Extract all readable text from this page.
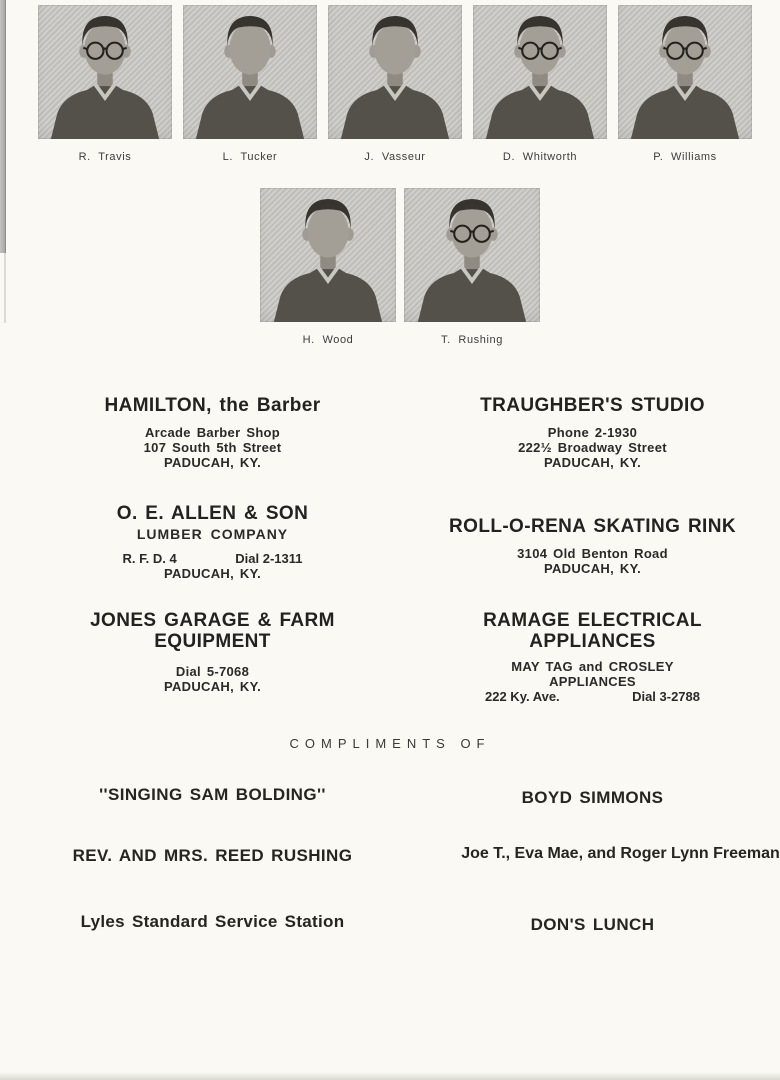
R. Travis	L. Tucker	J. Vasseur	D. Whitworth	P. Williams
H. Wood	T. Rushing
HAMILTON, the Barber
Arcade Barber Shop
107 South 5th Street
PADUCAH, KY.
O. E. ALLEN & SON
LUMBER COMPANY
R. F. D. 4	Dial 2-1311
PADUCAH, KY.
JONES GARAGE & FARM
EQUIPMENT
Dial 5-7068
PADUCAH, KY.
TRAUGHBER'S STUDIO
Phone 2-1930
222½ Broadway Street
PADUCAH, KY.
ROLL-O-RENA SKATING RINK
3104 Old Benton Road
PADUCAH, KY.
RAMAGE ELECTRICAL
APPLIANCES
MAY TAG and CROSLEY
APPLIANCES
222 Ky. Ave.	Dial 3-2788
COMPLIMENTS OF
''SINGING SAM BOLDING''
REV. AND MRS. REED RUSHING
Lyles Standard Service Station
BOYD SIMMONS
Joe T., Eva Mae, and Roger Lynn Freeman
DON'S LUNCH
